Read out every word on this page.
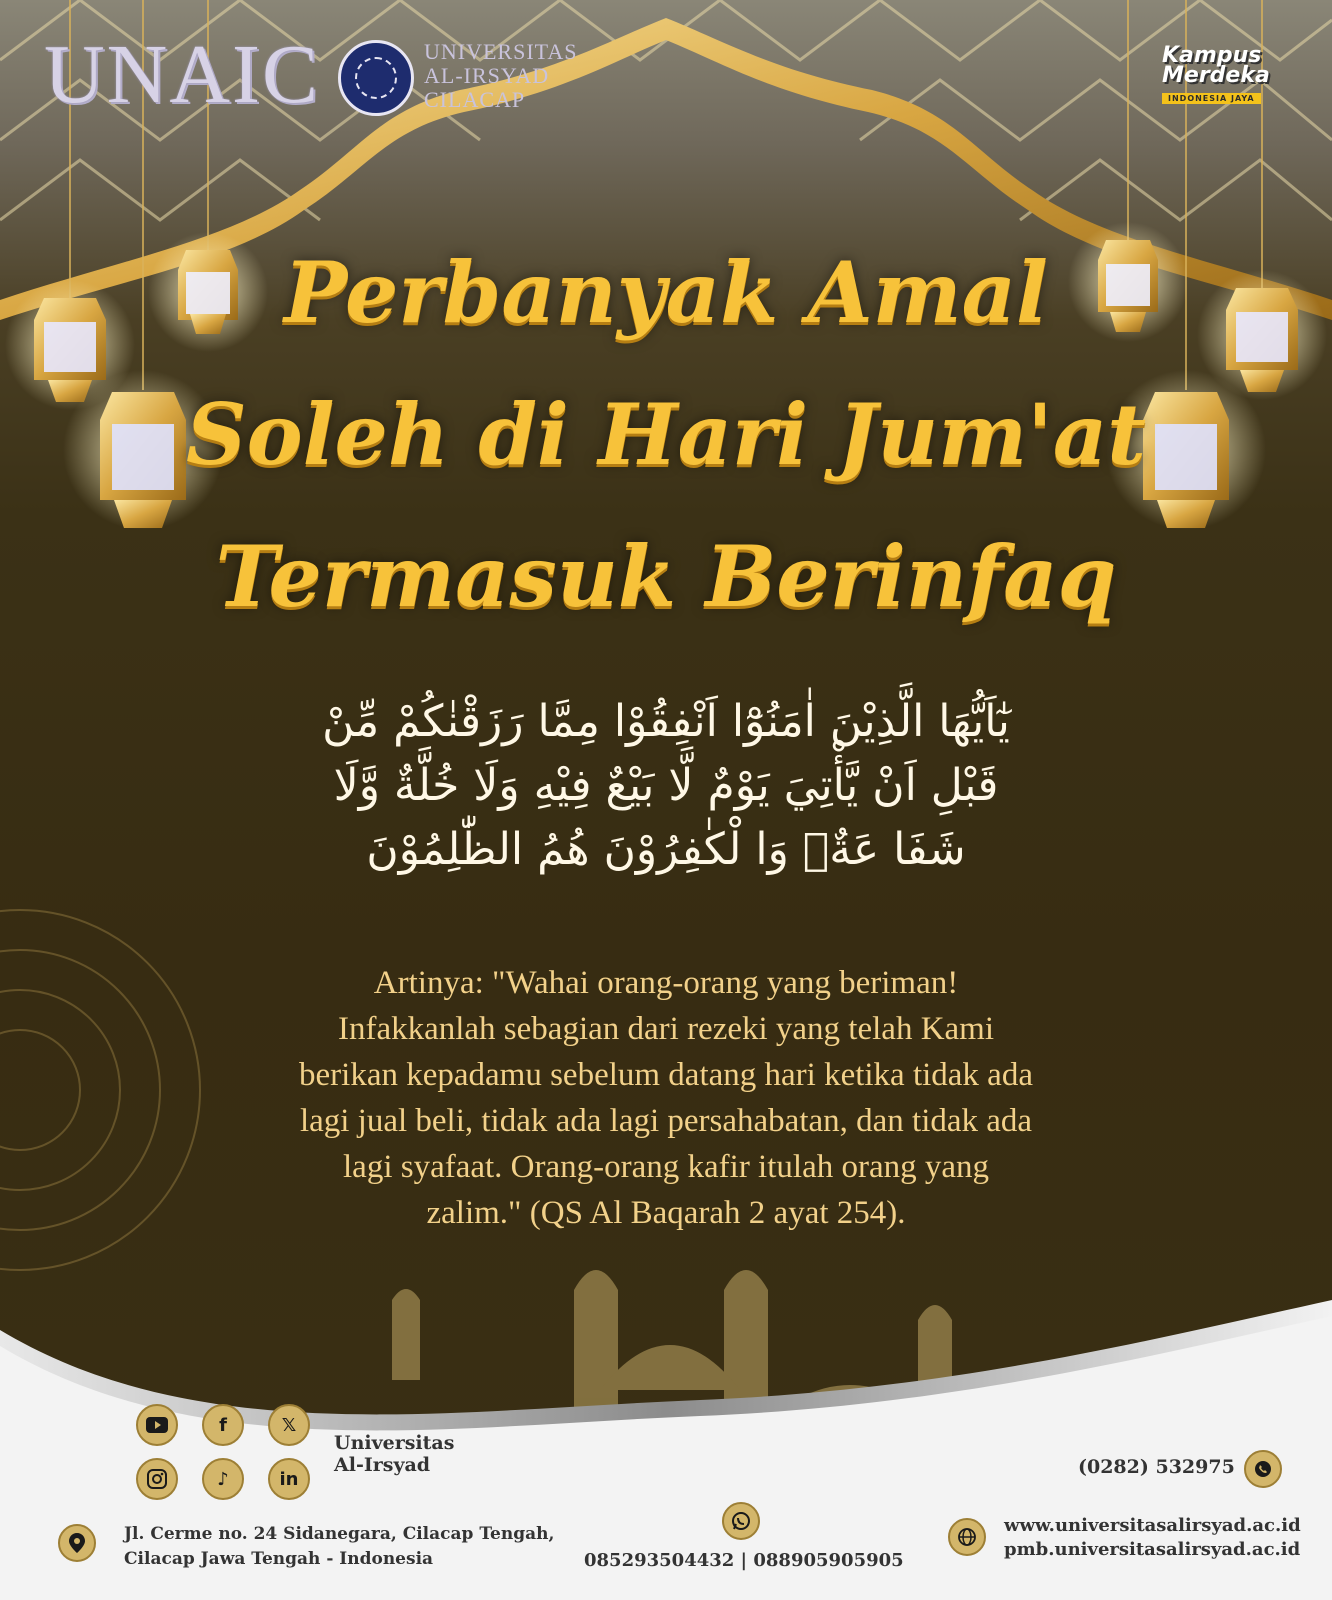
UNAIC	UNIVERSITAS
AL-IRSYAD
CILACAP
Kampus
Merdeka
INDONESIA JAYA
Perbanyak Amal
Soleh di Hari Jum'at
Termasuk Berinfaq
يٰٓاَيُّهَا الَّذِيْنَ اٰمَنُوْٓا اَنْفِقُوْا مِمَّا رَزَقْنٰكُمْ مِّنْ
قَبْلِ اَنْ يَّأْتِيَ يَوْمٌ لَّا بَيْعٌ فِيْهِ وَلَا خُلَّةٌ وَّلَا
شَفَا عَةٌۗ وَا لْكٰفِرُوْنَ هُمُ الظّٰلِمُوْنَ
Artinya: "Wahai orang-orang yang beriman!
Infakkanlah sebagian dari rezeki yang telah Kami
berikan kepadamu sebelum datang hari ketika tidak ada
lagi jual beli, tidak ada lagi persahabatan, dan tidak ada
lagi syafaat. Orang-orang kafir itulah orang yang
zalim." (QS Al Baqarah 2 ayat 254).
f	𝕏
♪	in
Universitas
Al-Irsyad	(0282) 532975
Jl. Cerme no. 24 Sidanegara, Cilacap Tengah,
Cilacap Jawa Tengah - Indonesia	085293504432 | 088905905905
www.universitasalirsyad.ac.id
pmb.universitasalirsyad.ac.id
